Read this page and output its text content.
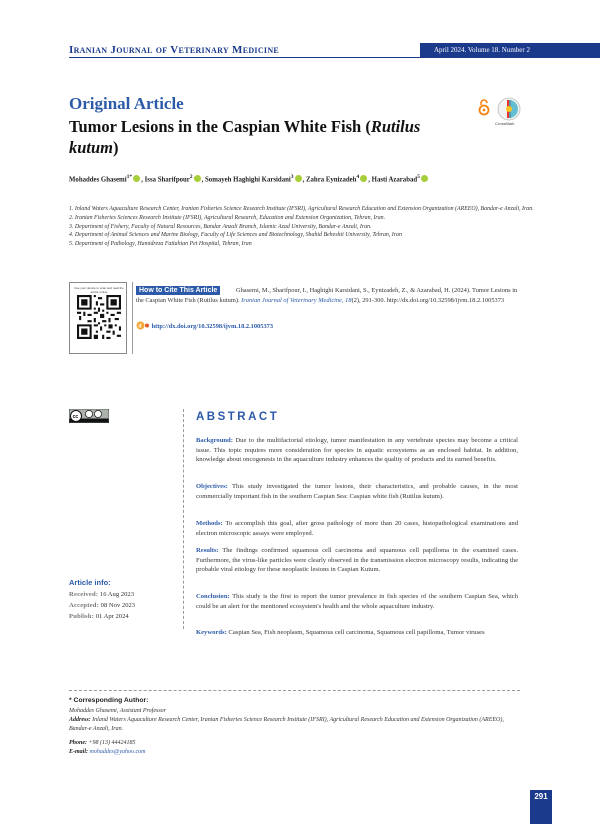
Iranian Journal of Veterinary Medicine	April 2024. Volume 18. Number 2
Original Article
CrossMark
Tumor Lesions in the Caspian White Fish (Rutilus kutum)
Mohaddes Ghasemi$^{1*}$ , Issa Sharifpour$^2$ , Somayeh Haghighi Karsidani$^3$ , Zahra Eynizadeh$^4$ , Hasti Azarabad$^5$
1. Inland Waters Aquaculture Research Center, Iranian Fisheries Science Research Institute (IFSRI), Agricultural Research Education and Extension Organization (AREEO), Bandar-e Anzali, Iran.
2. Iranian Fisheries Sciences Research Institute (IFSRI), Agricultural Research, Education and Extension Organization, Tehran, Iran.
3. Department of Fishery, Faculty of Natural Resources, Bandar Anzali Branch, Islamic Azad University, Bandar-e Anzali, Iran.
4. Department of Animal Sciences and Marine Biology, Faculty of Life Sciences and Biotechnology, Shahid Beheshti University, Tehran, Iran
5. Department of Pathology, Hamidreza Fattahian Pet Hospital, Tehran, Iran
Use your device to scan and read the article online	Ghasemi, M., Sharifpour, I., Haghighi Karsidani, S., Eynizadeh, Z., & Azarabad, H. (2024). Tumor Lesions in the Caspian White Fish (Rutilus kutum). Iranian Journal of Veterinary Medicine, 18(2), 291-300. http://dx.doi.org/10.32598/ijvm.18.2.1005373
How to Cite This Article
d http://dx.doi.org/10.32598/ijvm.18.2.1005373
cc	ABSTRACT
Background: Due to the multifactorial etiology, tumor manifestation in any vertebrate species may become a critical issue. This topic requires more consideration for species in aquatic ecosystems as an enclosed habitat. In addition, knowledge about oncogenesis in the aquaculture industry enhances the quality of products and its earned benefits.
Objectives: This study investigated the tumor lesions, their characteristics, and probable causes, in the most commercially important fish in the southern Caspian Sea: Caspian white fish (Rutilus kutum).
Methods: To accomplish this goal, after gross pathology of more than 20 cases, histopathological examinations and electron microscopic assays were employed.
Results: The findings confirmed squamous cell carcinoma and squamous cell papilloma in the examined cases. Furthermore, the virus-like particles were clearly observed in the transmission electron microscopy results, indicating the probable viral etiology for these neoplastic lesions in Caspian Kutum.
Conclusion: This study is the first to report the tumor prevalence in fish species of the southern Caspian Sea, which could be an alert for the mentioned ecosystem's health and the whole aquaculture industry.
Keywords: Caspian Sea, Fish neoplasm, Squamous cell carcinoma, Squamous cell papilloma, Tumor viruses
Article info:
Received: 16 Aug 2023
Accepted: 08 Nov 2023
Publish: 01 Apr 2024
* Corresponding Author:
Mohaddes Ghasemi, Assistant Professor
Address: Inland Waters Aquaculture Research Center, Iranian Fisheries Science Research Institute (IFSRI), Agricultural Research Education and Extension Organization (AREEO), Bandar-e Anzali, Iran.
Phone: +98 (13) 44424185
E-mail: mohaddes@yahoo.com
291
